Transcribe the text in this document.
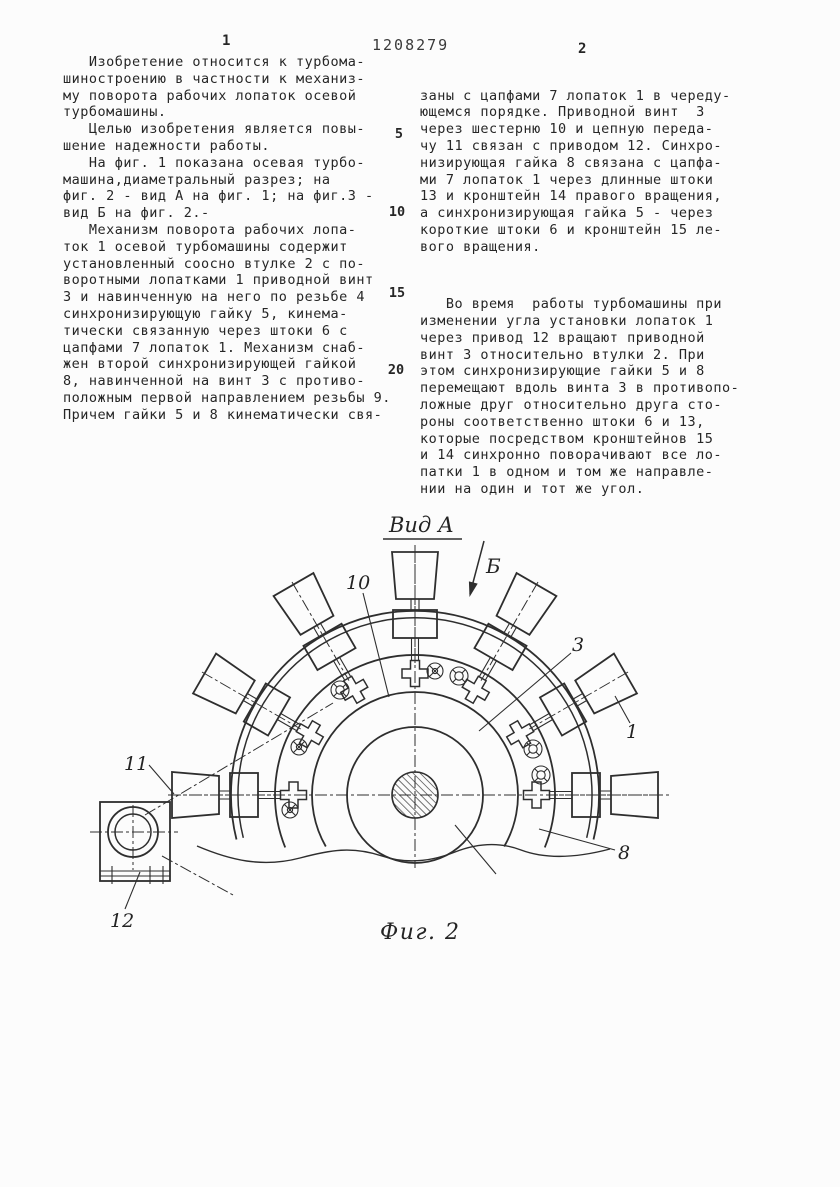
1	1208279	2
Изобретение относится к турбома-
шиностроению в частности к механиз-
му поворота рабочих лопаток осевой
турбомашины.
Целью изобретения является повы-
шение надежности работы.
На фиг. 1 показана осевая турбо-
машина,диаметральный разрез; на
фиг. 2 - вид А на фиг. 1; на фиг.3 -
вид Б на фиг. 2.-
Механизм поворота рабочих лопа-
ток 1 осевой турбомашины содержит
установленный соосно втулке 2 с по-
воротными лопатками 1 приводной винт
3 и навинченную на него по резьбе 4
синхронизирующую гайку 5, кинема-
тически связанную через штоки 6 с
цапфами 7 лопаток 1. Механизм снаб-
жен второй синхронизирующей гайкой
8, навинченной на винт 3 с противо-
положным первой направлением резьбы 9.
Причем гайки 5 и 8 кинематически свя-

заны с цапфами 7 лопаток 1 в череду-
ющемся порядке. Приводной винт  3
через шестерню 10 и цепную переда-
чу 11 связан с приводом 12. Синхро-
низирующая гайка 8 связана с цапфа-
ми 7 лопаток 1 через длинные штоки
13 и кронштейн 14 правого вращения,
а синхронизирующая гайка 5 - через
короткие штоки 6 и кронштейн 15 ле-
вого вращения.

Во время  работы турбомашины при
изменении угла установки лопаток 1
через привод 12 вращают приводной
винт 3 относительно втулки 2. При
этом синхронизирующие гайки 5 и 8
перемещают вдоль винта 3 в противопо-
ложные друг относительно друга сто-
роны соответственно штоки 6 и 13,
которые посредством кронштейнов 15
и 14 синхронно поворачивают все ло-
патки 1 в одном и том же направле-
нии на один и тот же угол.

5
10
15
20
Вид А
Б
10
3
1
11
8
12	Фиг. 2
